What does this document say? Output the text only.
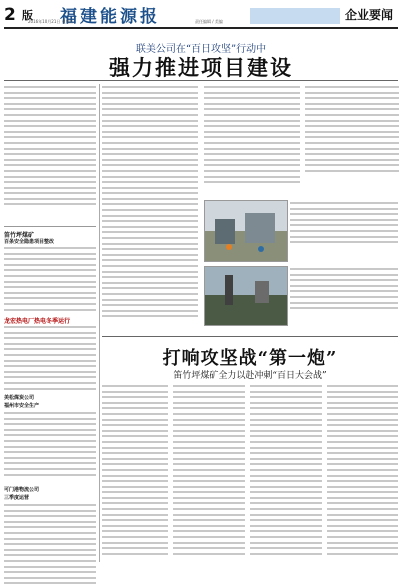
2 版 福建能源报
2016年10月21日 星期五	责任编辑 / 美编	企业要闻
联美公司在“百日攻坚”行动中
强力推进项目建设
笛竹坪煤矿
百条安全隐患项目整改
龙宏热电厂热电冬季运行
美松煤炭公司
福州市安全生产
可门港物流公司
三季度运营
打响攻坚战“第一炮”
笛竹坪煤矿全力以赴冲刺“百日大会战”
